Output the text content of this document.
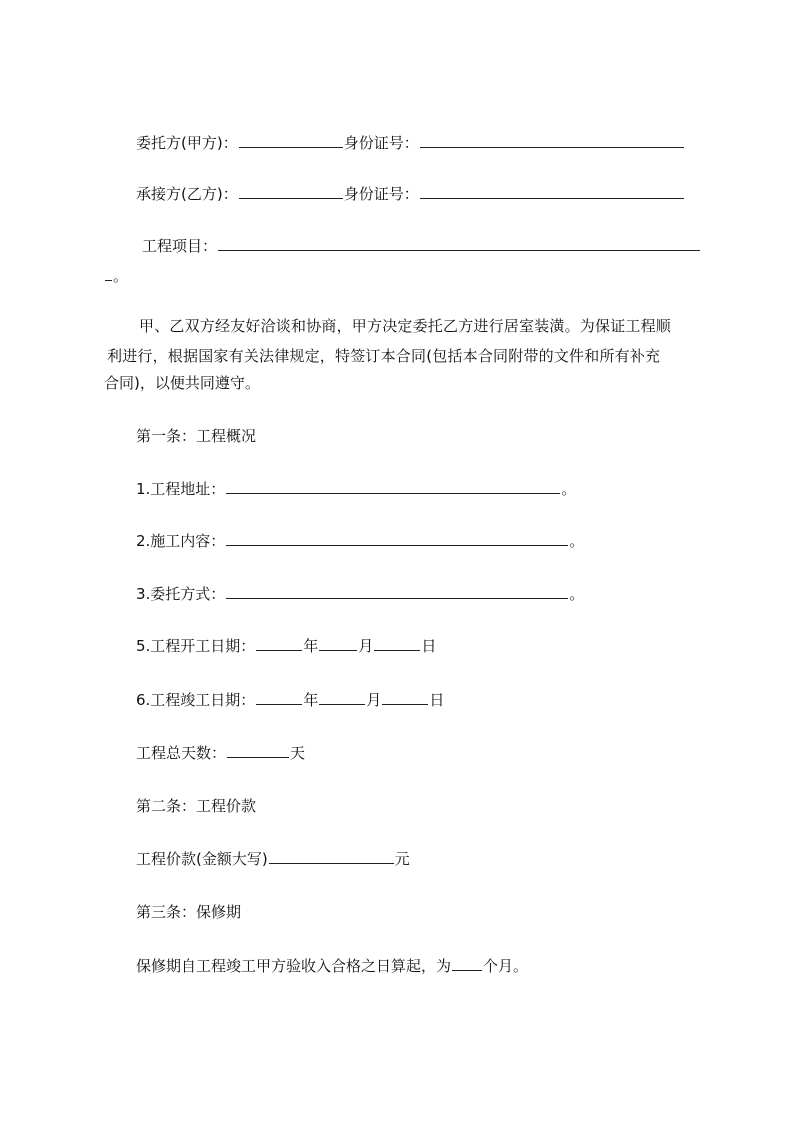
委托方(甲方)：	身份证号：
承接方(乙方)：	身份证号：
工程项目：
。
甲、乙双方经友好洽谈和协商，甲方决定委托乙方进行居室装潢。为保证工程顺
利进行，根据国家有关法律规定，特签订本合同(包括本合同附带的文件和所有补充
合同)，以便共同遵守。
第一条：工程概况
1.工程地址：	。
2.施工内容：	。
3.委托方式：	。
5.工程开工日期：	年	月	日
6.工程竣工日期：	年	月	日
工程总天数：	天
第二条：工程价款
工程价款(金额大写)	元
第三条：保修期
保修期自工程竣工甲方验收入合格之日算起，为 个月。
